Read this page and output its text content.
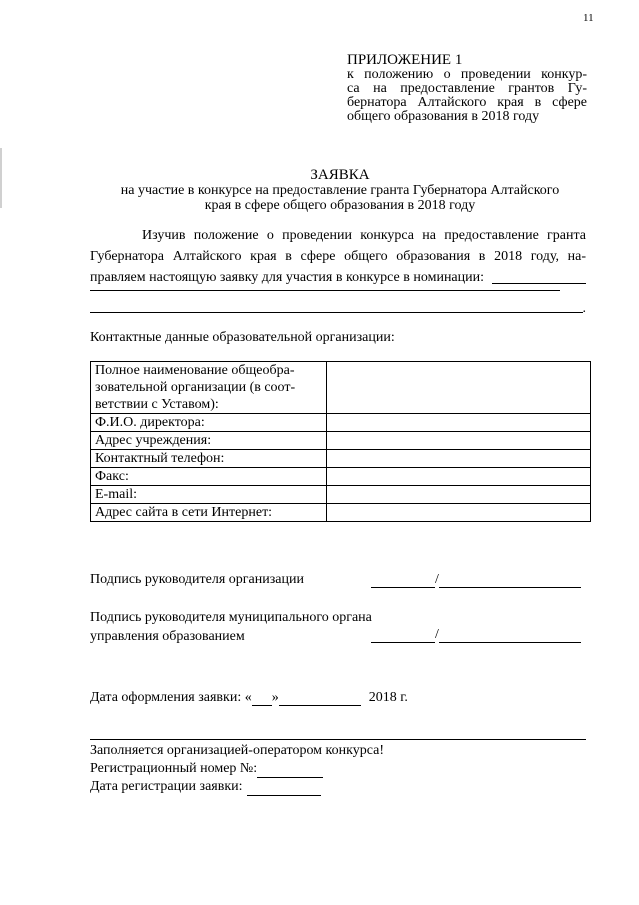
11
ПРИЛОЖЕНИЕ 1
к положению о проведении конкур-
са на предоставление грантов Гу-
бернатора Алтайского края в сфере
общего образования в 2018 году
ЗАЯВКА
на участие в конкурсе на предоставление гранта Губернатора Алтайского
края в сфере общего образования в 2018 году
Изучив положение о проведении конкурса на предоставление гранта
Губернатора Алтайского края в сфере общего образования в 2018 году, на-
правляем настоящую заявку для участия в конкурсе в номинации:
.
Контактные данные образовательной организации:
Полное наименование общеобра-
зовательной организации (в соот-
ветствии с Уставом):	

Ф.И.О. директора:	
Адрес учреждения:	
Контактный телефон:	
Факс:	
E-mail:	
Адрес сайта в сети Интернет:	
Подпись руководителя организации	/
Подпись руководителя муниципального органа
управления образованием	/
Дата оформления заявки: « »	2018 г.
Заполняется организацией-оператором конкурса!
Регистрационный номер №:
Дата регистрации заявки:
